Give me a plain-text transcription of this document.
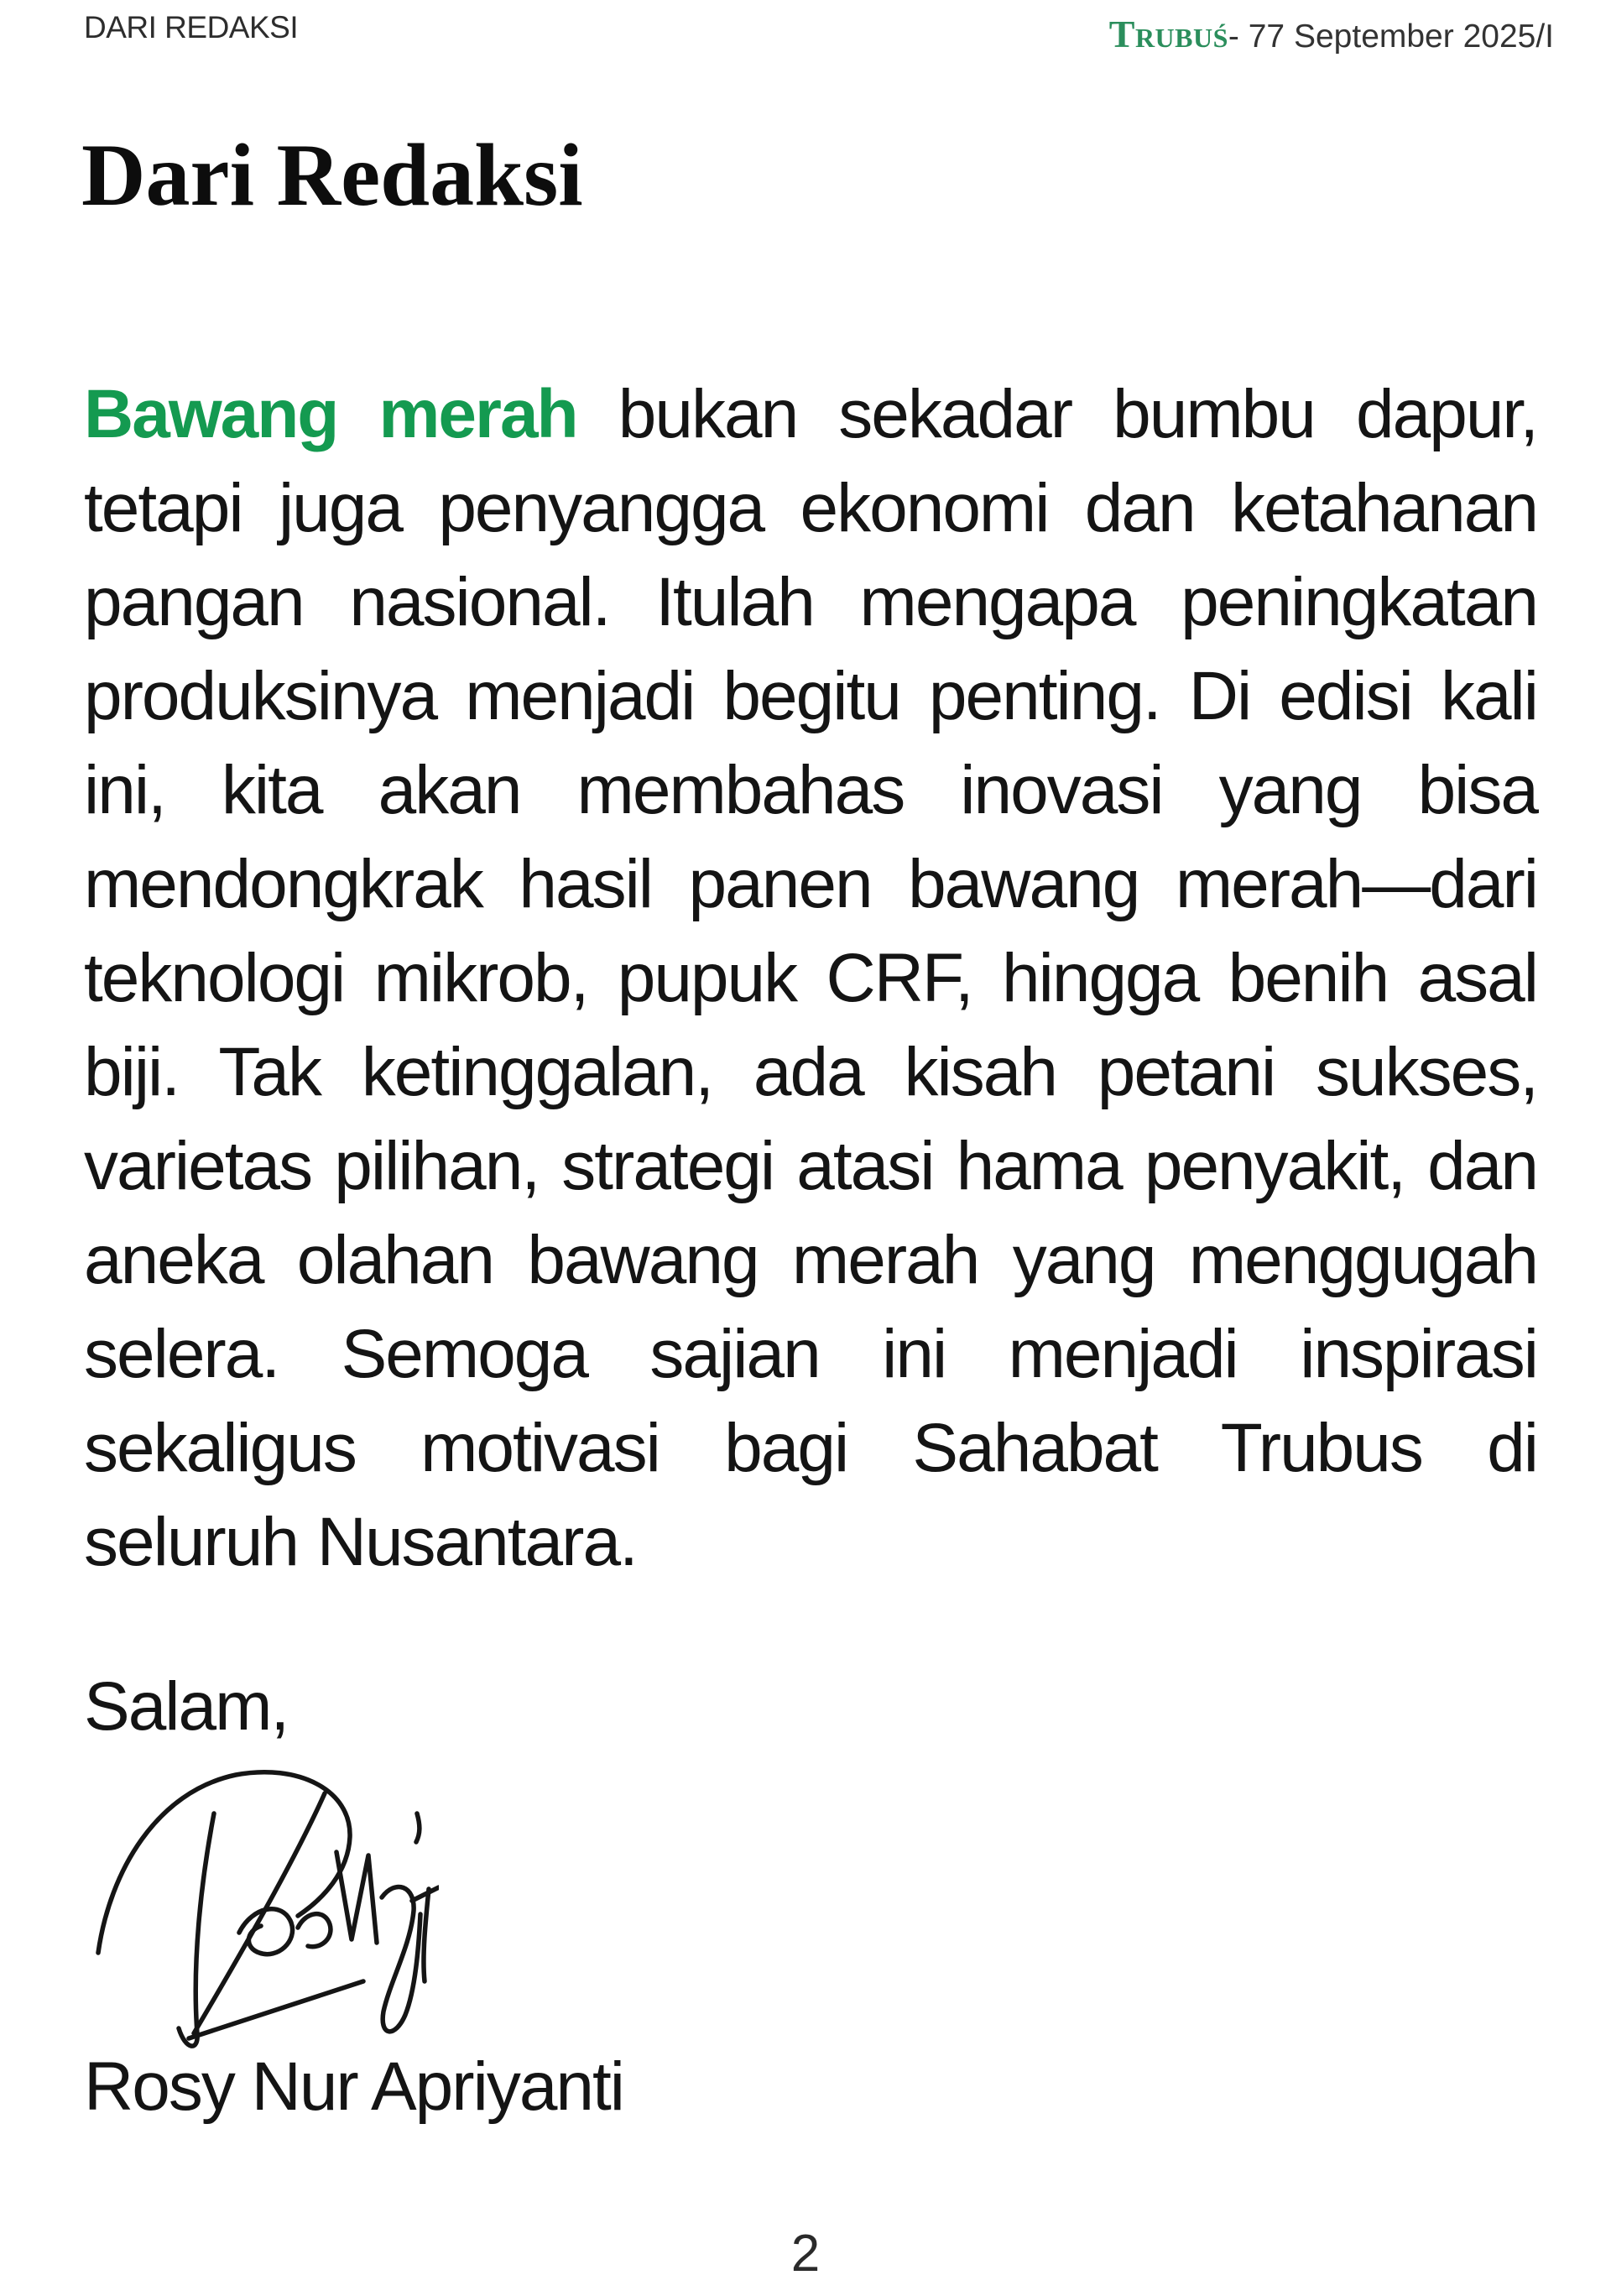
DARI REDAKSI	Trubuś - 77 September 2025/I
Dari Redaksi

Bawang merah bukan sekadar bumbu dapur, tetapi juga penyangga ekonomi dan ketahanan pangan nasional. Itulah mengapa peningkatan produksinya menjadi begitu penting. Di edisi kali ini, kita akan membahas inovasi yang bisa mendongkrak hasil panen bawang merah—dari teknologi mikrob, pupuk CRF, hingga benih asal biji. Tak ketinggalan, ada kisah petani sukses, varietas pilihan, strategi atasi hama penyakit, dan aneka olahan bawang merah yang menggugah selera. Semoga sajian ini menjadi inspirasi sekaligus motivasi bagi Sahabat Trubus di seluruh Nusantara.

Salam,
Rosy Nur Apriyanti
2
